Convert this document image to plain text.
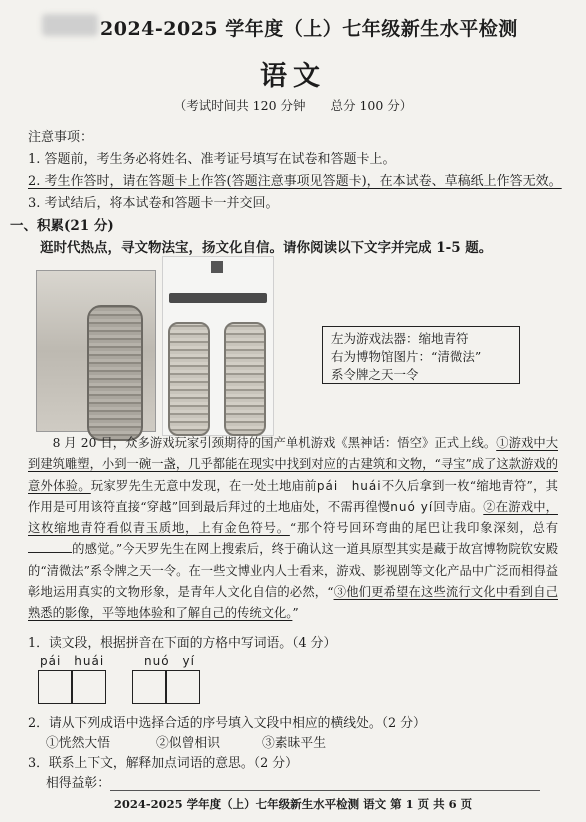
2024-2025 学年度（上）七年级新生水平检测
语文
（考试时间共 120 分钟　　总分 100 分）
注意事项：
1. 答题前，考生务必将姓名、准考证号填写在试卷和答题卡上。
2. 考生作答时，请在答题卡上作答(答题注意事项见答题卡)，在本试卷、草稿纸上作答无效。
3. 考试结后，将本试卷和答题卡一并交回。
一、积累(21 分)
逛时代热点，寻文物法宝，扬文化自信。请你阅读以下文字并完成 1-5 题。
左为游戏法器：缩地青符
右为博物馆图片：“清微法”
系令牌之天一令

8 月 20 日，众多游戏玩家引颈期待的国产单机游戏《黑神话：悟空》正式上线。①游戏中大到建筑雕塑，小到一碗一盏，几乎都能在现实中找到对应的古建筑和文物，“寻宝”成了这款游戏的意外体验。玩家罗先生无意中发现，在一处土地庙前pái　huái不久后拿到一枚“缩地青符”，其作用是可用该符直接“穿越”回到最后拜过的土地庙处，不需再徨慢nuó yí回寺庙。②在游戏中，这枚缩地青符看似青玉质地，上有金色符号。“那个符号回环弯曲的尾巴让我印象深刻，总有的感觉。”今天罗先生在网上搜索后，终于确认这一道具原型其实是藏于故宫博物院钦安殿的“清微法”系令牌之天一令。在一些文博业内人士看来，游戏、影视剧等文化产品中广泛而相得益彰地运用真实的文物形象，是青年人文化自信的必然，“③他们更希望在这些流行文化中看到自己熟悉的影像，平等地体验和了解自己的传统文化。”

1．读文段，根据拼音在下面的方格中写词语。（4 分）
pái　huái	nuó　yí
2．请从下列成语中选择合适的序号填入文段中相应的横线处。（2 分）
①恍然大悟	②似曾相识	③素昧平生
3．联系上下文，解释加点词语的意思。（2 分）
相得益彰：
2024-2025 学年度（上）七年级新生水平检测 语文 第 1 页 共 6 页
